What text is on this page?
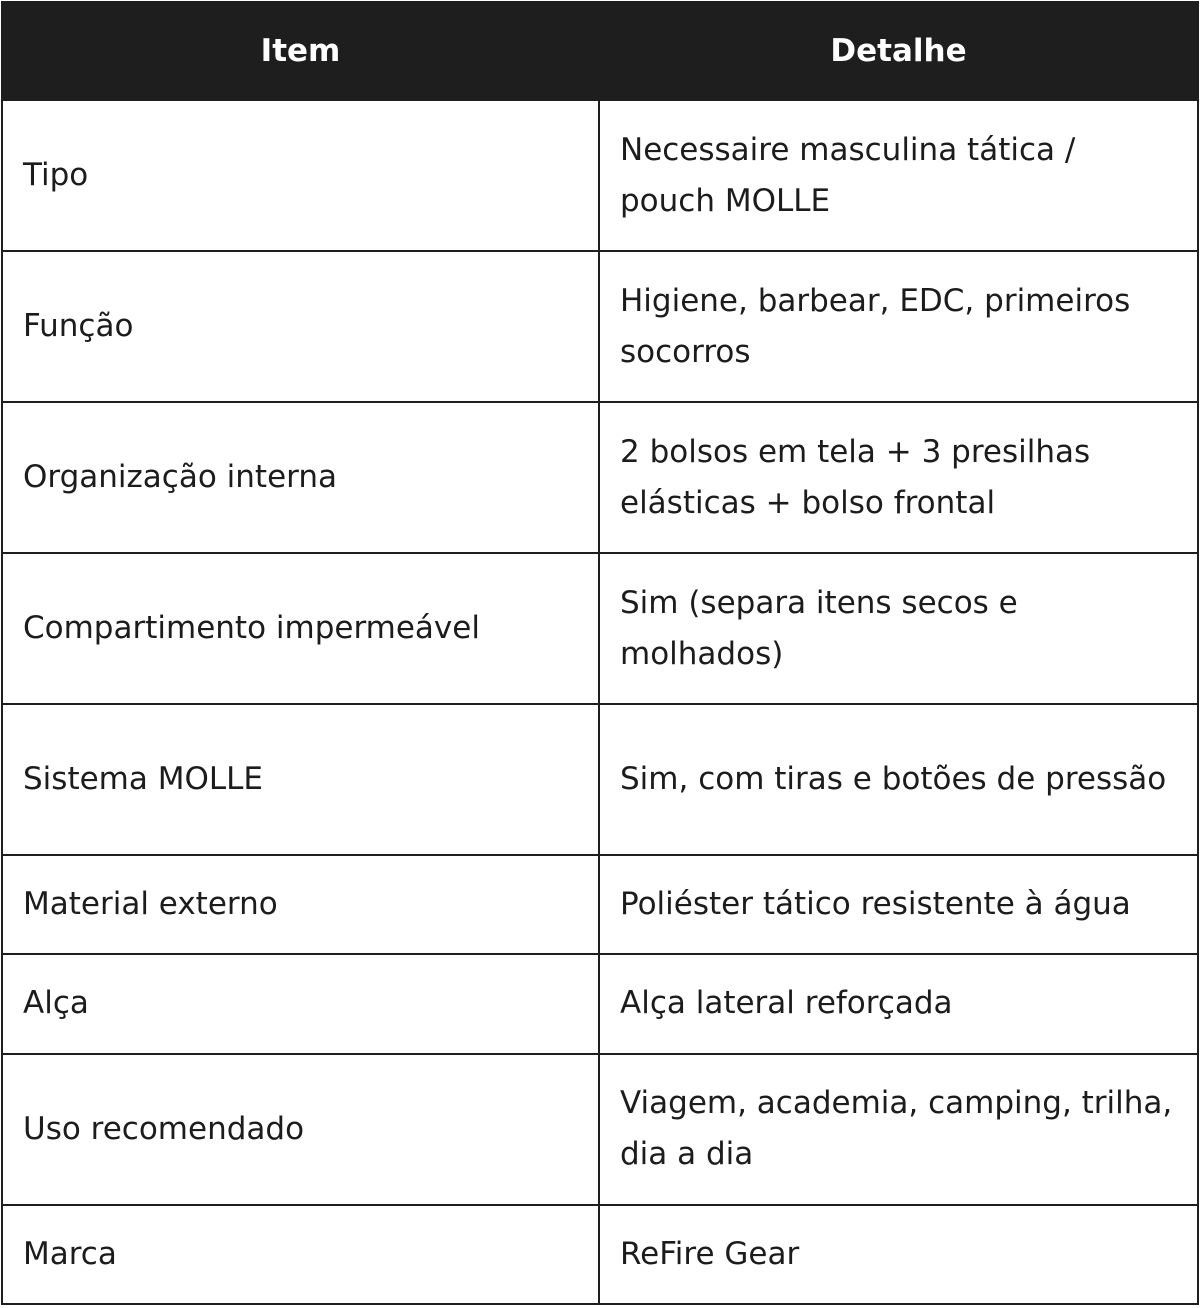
Item	Detalhe
Tipo	Necessaire masculina tática / pouch MOLLE
Função	Higiene, barbear, EDC, primeiros socorros
Organização interna	2 bolsos em tela + 3 presilhas elásticas + bolso frontal
Compartimento impermeável	Sim (separa itens secos e molhados)
Sistema MOLLE	Sim, com tiras e botões de pressão
Material externo	Poliéster tático resistente à água
Alça	Alça lateral reforçada
Uso recomendado	Viagem, academia, camping, trilha, dia a dia
Marca	ReFire Gear
